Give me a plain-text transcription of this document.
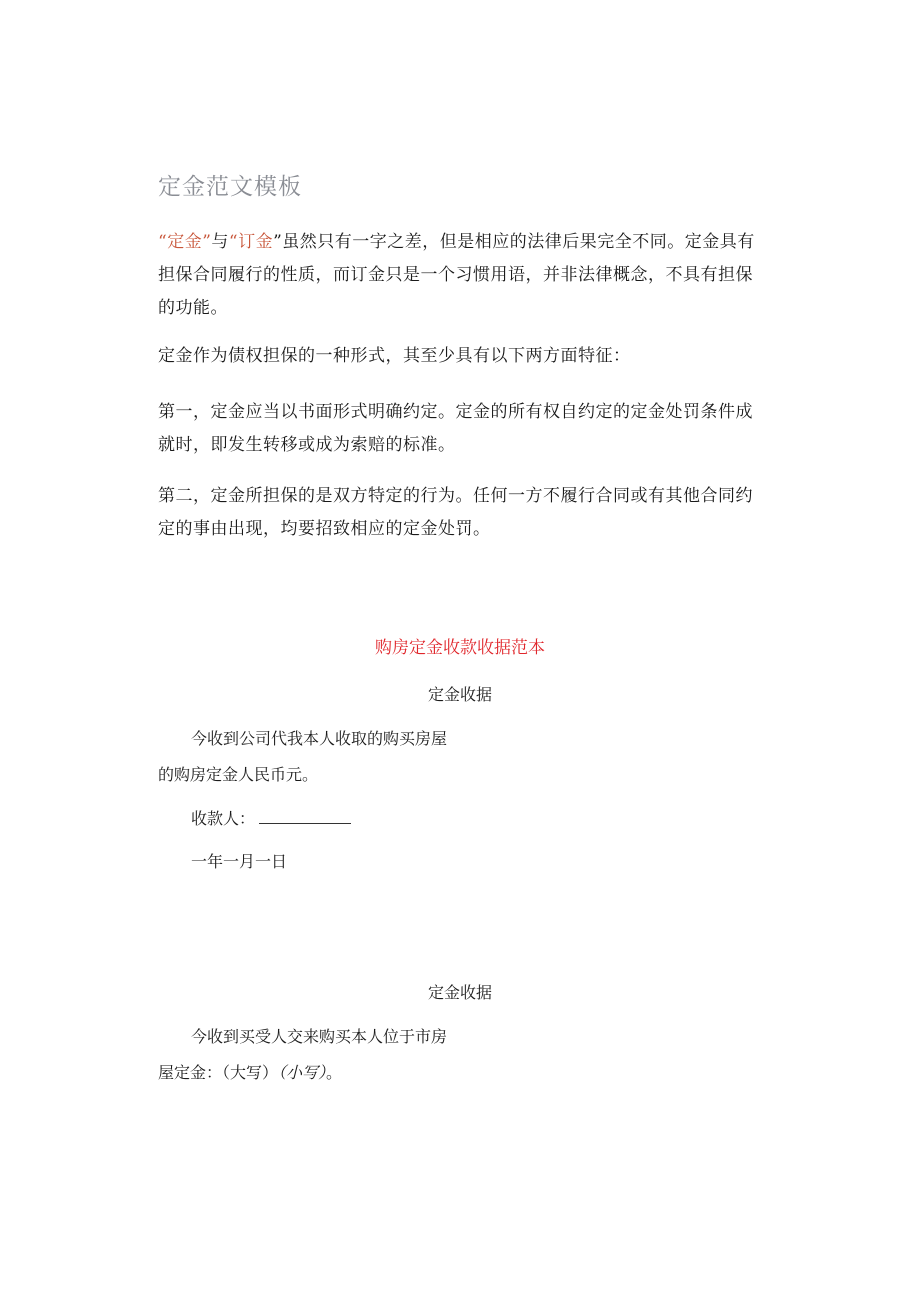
定金范文模板

“定金”与“订金”虽然只有一字之差，但是相应的法律后果完全不同。定金具有担保合同履行的性质，而订金只是一个习惯用语，并非法律概念，不具有担保的功能。

定金作为债权担保的一种形式，其至少具有以下两方面特征：

第一，定金应当以书面形式明确约定。定金的所有权自约定的定金处罚条件成就时，即发生转移或成为索赔的标准。

第二，定金所担保的是双方特定的行为。任何一方不履行合同或有其他合同约定的事由出现，均要招致相应的定金处罚。

购房定金收款收据范本

定金收据

今收到公司代我本人收取的购买房屋

的购房定金人民币元。

收款人：

一年一月一日

定金收据

今收到买受人交来购买本人位于市房

屋定金：（大写）（小写）。
